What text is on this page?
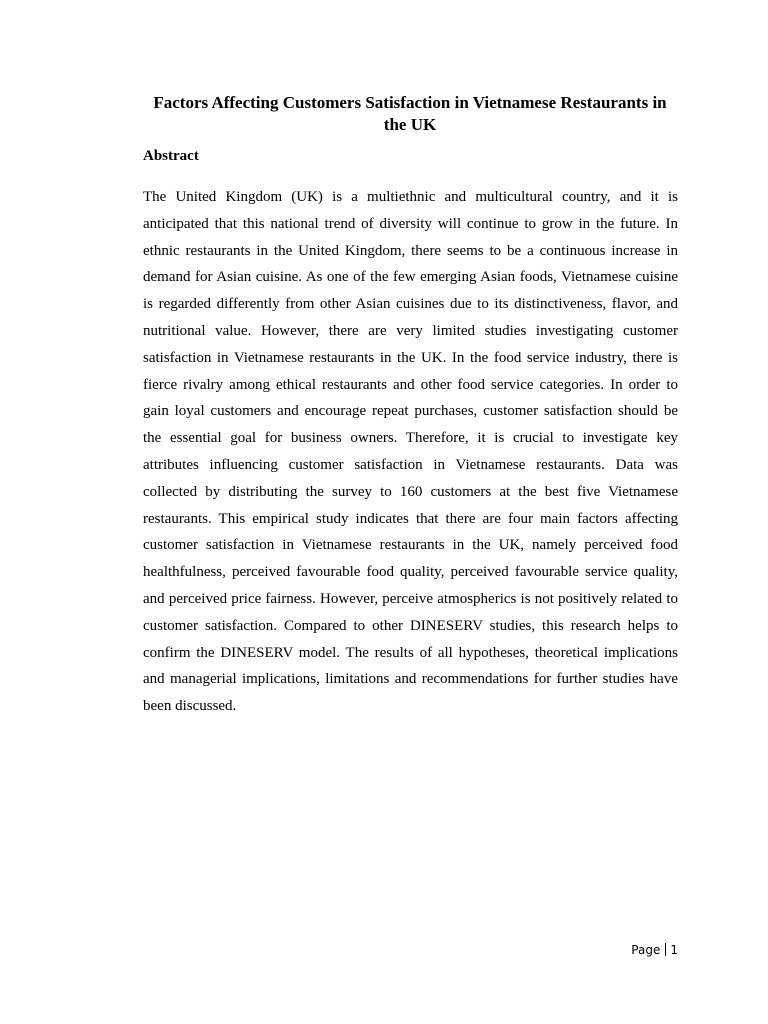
Factors Affecting Customers Satisfaction in Vietnamese Restaurants in the UK
Abstract

The United Kingdom (UK) is a multiethnic and multicultural country, and it is anticipated that this national trend of diversity will continue to grow in the future. In ethnic restaurants in the United Kingdom, there seems to be a continuous increase in demand for Asian cuisine. As one of the few emerging Asian foods, Vietnamese cuisine is regarded differently from other Asian cuisines due to its distinctiveness, flavor, and nutritional value. However, there are very limited studies investigating customer satisfaction in Vietnamese restaurants in the UK. In the food service industry, there is fierce rivalry among ethical restaurants and other food service categories. In order to gain loyal customers and encourage repeat purchases, customer satisfaction should be the essential goal for business owners. Therefore, it is crucial to investigate key attributes influencing customer satisfaction in Vietnamese restaurants. Data was collected by distributing the survey to 160 customers at the best five Vietnamese restaurants. This empirical study indicates that there are four main factors affecting customer satisfaction in Vietnamese restaurants in the UK, namely perceived food healthfulness, perceived favourable food quality, perceived favourable service quality, and perceived price fairness. However, perceive atmospherics is not positively related to customer satisfaction. Compared to other DINESERV studies, this research helps to confirm the DINESERV model. The results of all hypotheses, theoretical implications and managerial implications, limitations and recommendations for further studies have been discussed.

Page 1
